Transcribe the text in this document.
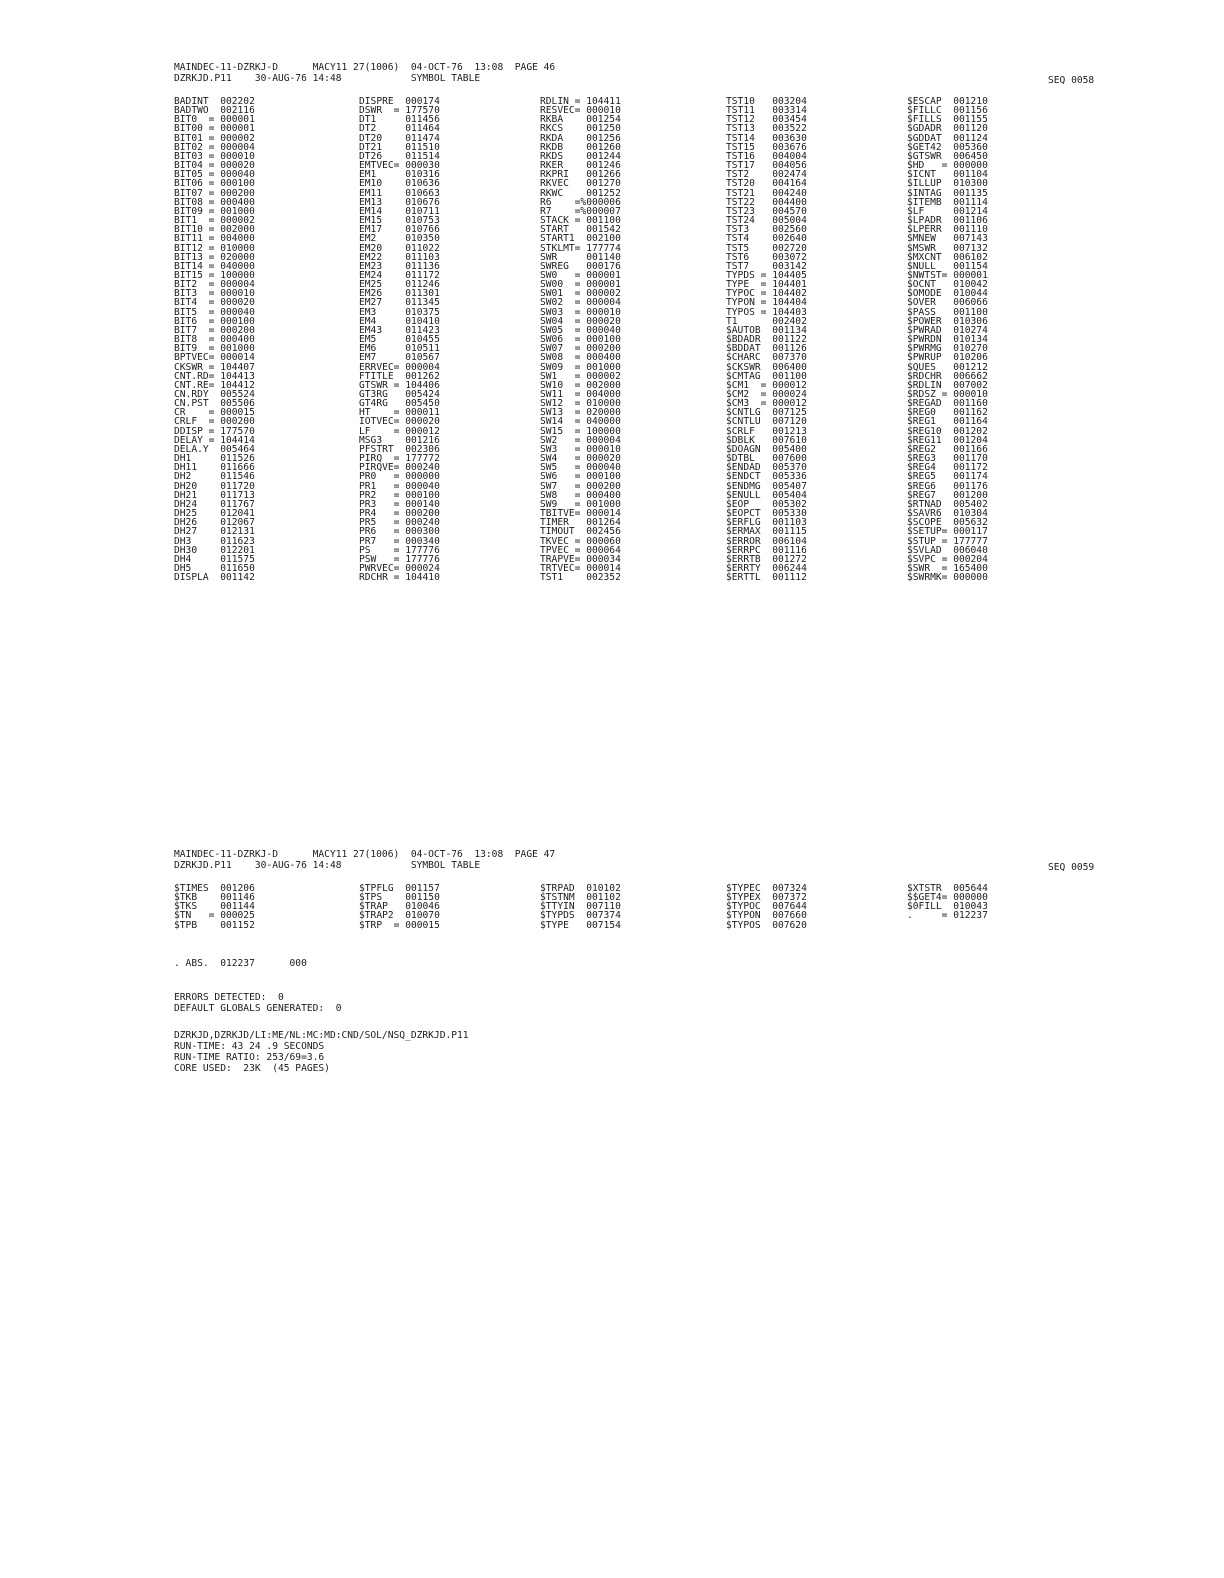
MAINDEC-11-DZRKJ-D      MACY11 27(1006)  04-OCT-76  13:08  PAGE 46
DZRKJD.P11    30-AUG-76 14:48            SYMBOL TABLE	SEQ 0058
BADINT  002202
BADTWO  002116
BIT0  = 000001
BIT00 = 000001
BIT01 = 000002
BIT02 = 000004
BIT03 = 000010
BIT04 = 000020
BIT05 = 000040
BIT06 = 000100
BIT07 = 000200
BIT08 = 000400
BIT09 = 001000
BIT1  = 000002
BIT10 = 002000
BIT11 = 004000
BIT12 = 010000
BIT13 = 020000
BIT14 = 040000
BIT15 = 100000
BIT2  = 000004
BIT3  = 000010
BIT4  = 000020
BIT5  = 000040
BIT6  = 000100
BIT7  = 000200
BIT8  = 000400
BIT9  = 001000
BPTVEC= 000014
CKSWR = 104407
CNT.RD= 104413
CNT.RE= 104412
CN.RDY  005524
CN.PST  005506
CR    = 000015
CRLF  = 000200
DDISP = 177570
DELAY = 104414
DELA.Y  005464
DH1     011526
DH11    011666
DH2     011546
DH20    011720
DH21    011713
DH24    011767
DH25    012041
DH26    012067
DH27    012131
DH3     011623
DH30    012201
DH4     011575
DH5     011650
DISPLA  001142
DISPRE  000174
DSWR  = 177570
DT1     011456
DT2     011464
DT20    011474
DT21    011510
DT26    011514
EMTVEC= 000030
EM1     010316
EM10    010636
EM11    010663
EM13    010676
EM14    010711
EM15    010753
EM17    010766
EM2     010350
EM20    011022
EM22    011103
EM23    011136
EM24    011172
EM25    011246
EM26    011301
EM27    011345
EM3     010375
EM4     010410
EM43    011423
EM5     010455
EM6     010511
EM7     010567
ERRVEC= 000004
FTITLE  001262
GTSWR = 104406
GT3RG   005424
GT4RG   005450
HT    = 000011
IOTVEC= 000020
LF    = 000012
MSG3    001216
PFSTRT  002306
PIRQ  = 177772
PIRQVE= 000240
PR0   = 000000
PR1   = 000040
PR2   = 000100
PR3   = 000140
PR4   = 000200
PR5   = 000240
PR6   = 000300
PR7   = 000340
PS    = 177776
PSW   = 177776
PWRVEC= 000024
RDCHR = 104410
RDLIN = 104411
RESVEC= 000010
RKBA    001254
RKCS    001250
RKDA    001256
RKDB    001260
RKDS    001244
RKER    001246
RKPRI   001266
RKVEC   001270
RKWC    001252
R6    =%000006
R7    =%000007
STACK = 001100
START   001542
START1  002100
STKLMT= 177774
SWR     001140
SWREG   000176
SW0   = 000001
SW00  = 000001
SW01  = 000002
SW02  = 000004
SW03  = 000010
SW04  = 000020
SW05  = 000040
SW06  = 000100
SW07  = 000200
SW08  = 000400
SW09  = 001000
SW1   = 000002
SW10  = 002000
SW11  = 004000
SW12  = 010000
SW13  = 020000
SW14  = 040000
SW15  = 100000
SW2   = 000004
SW3   = 000010
SW4   = 000020
SW5   = 000040
SW6   = 000100
SW7   = 000200
SW8   = 000400
SW9   = 001000
TBITVE= 000014
TIMER   001264
TIMOUT  002456
TKVEC = 000060
TPVEC = 000064
TRAPVE= 000034
TRTVEC= 000014
TST1    002352
TST10   003204
TST11   003314
TST12   003454
TST13   003522
TST14   003630
TST15   003676
TST16   004004
TST17   004056
TST2    002474
TST20   004164
TST21   004240
TST22   004400
TST23   004570
TST24   005004
TST3    002560
TST4    002640
TST5    002720
TST6    003072
TST7    003142
TYPDS = 104405
TYPE  = 104401
TYPOC = 104402
TYPON = 104404
TYPOS = 104403
T1      002402
$AUTOB  001134
$BDADR  001122
$BDDAT  001126
$CHARC  007370
$CKSWR  006400
$CMTAG  001100
$CM1  = 000012
$CM2  = 000024
$CM3  = 000012
$CNTLG  007125
$CNTLU  007120
$CRLF   001213
$DBLK   007610
$DOAGN  005400
$DTBL   007600
$ENDAD  005370
$ENDCT  005336
$ENDMG  005407
$ENULL  005404
$EOP    005302
$EOPCT  005330
$ERFLG  001103
$ERMAX  001115
$ERROR  006104
$ERRPC  001116
$ERRTB  001272
$ERRTY  006244
$ERTTL  001112
$ESCAP  001210
$FILLC  001156
$FILLS  001155
$GDADR  001120
$GDDAT  001124
$GET42  005360
$GTSWR  006450
$HD   = 000000
$ICNT   001104
$ILLUP  010300
$INTAG  001135
$ITEMB  001114
$LF     001214
$LPADR  001106
$LPERR  001110
$MNEW   007143
$MSWR   007132
$MXCNT  006102
$NULL   001154
$NWTST= 000001
$OCNT   010042
$OMODE  010044
$OVER   006066
$PASS   001100
$POWER  010306
$PWRAD  010274
$PWRDN  010134
$PWRMG  010270
$PWRUP  010206
$QUES   001212
$RDCHR  006662
$RDLIN  007002
$RDSZ = 000010
$REGAD  001160
$REG0   001162
$REG1   001164
$REG10  001202
$REG11  001204
$REG2   001166
$REG3   001170
$REG4   001172
$REG5   001174
$REG6   001176
$REG7   001200
$RTNAD  005402
$SAVR6  010304
$SCOPE  005632
$SETUP= 000117
$STUP = 177777
$SVLAD  006040
$SVPC = 000204
$SWR  = 165400
$SWRMK= 000000
MAINDEC-11-DZRKJ-D      MACY11 27(1006)  04-OCT-76  13:08  PAGE 47
DZRKJD.P11    30-AUG-76 14:48            SYMBOL TABLE	SEQ 0059
$TIMES  001206
$TKB    001146
$TKS    001144
$TN   = 000025
$TPB    001152
$TPFLG  001157
$TPS    001150
$TRAP   010046
$TRAP2  010070
$TRP  = 000015
$TRPAD  010102
$TSTNM  001102
$TTYIN  007110
$TYPDS  007374
$TYPE   007154
$TYPEC  007324
$TYPEX  007372
$TYPOC  007644
$TYPON  007660
$TYPOS  007620
$XTSTR  005644
$$GET4= 000000
$0FILL  010043
.     = 012237
. ABS.  012237      000
ERRORS DETECTED:  0
DEFAULT GLOBALS GENERATED:  0
DZRKJD,DZRKJD/LI:ME/NL:MC:MD:CND/SOL/NSQ_DZRKJD.P11
RUN-TIME: 43 24 .9 SECONDS
RUN-TIME RATIO: 253/69=3.6
CORE USED:  23K  (45 PAGES)
